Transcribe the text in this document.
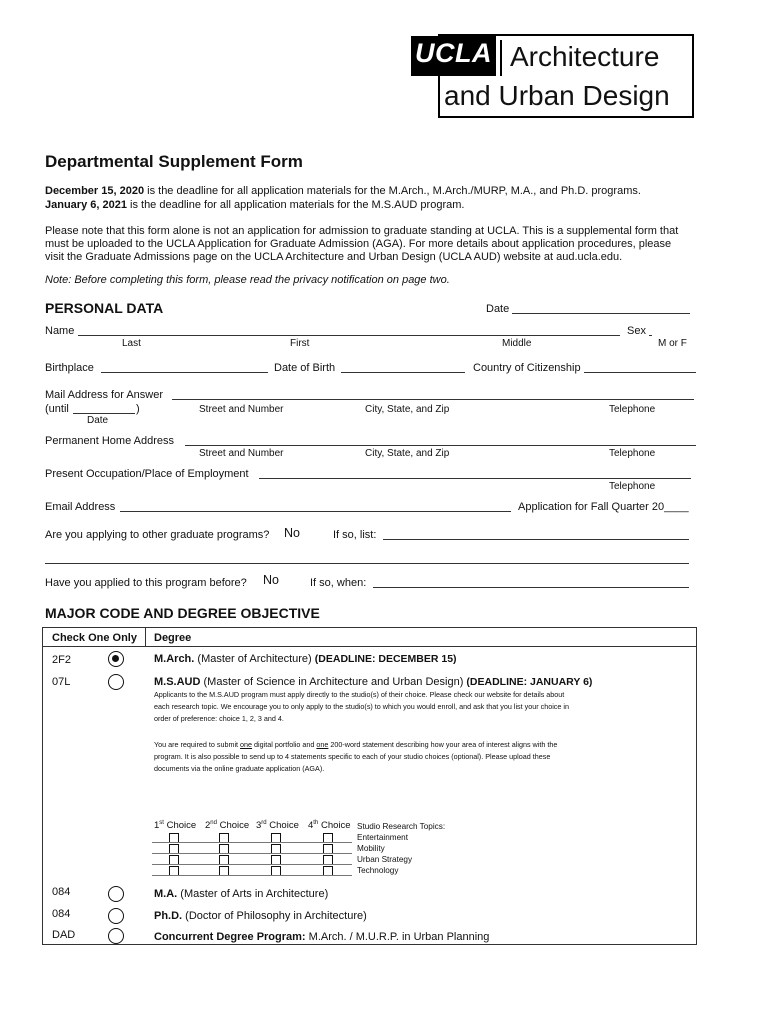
UCLA Architecture
and Urban Design
Departmental Supplement Form
December 15, 2020 is the deadline for all application materials for the M.Arch., M.Arch./MURP, M.A., and Ph.D. programs.
January 6, 2021 is the deadline for all application materials for the M.S.AUD program.
Please note that this form alone is not an application for admission to graduate standing at UCLA. This is a supplemental form that
must be uploaded to the UCLA Application for Graduate Admission (AGA). For more details about application procedures, please
visit the Graduate Admissions page on the UCLA Architecture and Urban Design (UCLA AUD) website at aud.ucla.edu.
Note: Before completing this form, please read the privacy notification on page two.
PERSONAL DATA	Date
Name	Sex
Last	First	Middle	M or F
Birthplace	Date of Birth	Country of Citizenship
Mail Address for Answer
(until	)
Date
Street and Number	City, State, and Zip	Telephone
Permanent Home Address
Street and Number	City, State, and Zip	Telephone
Present Occupation/Place of Employment
Telephone
Email Address	Application for Fall Quarter 20____
Are you applying to other graduate programs? No	If so, list:
Have you applied to this program before? No	If so, when:
MAJOR CODE AND DEGREE OBJECTIVE
Check One Only Degree
2F2	M.Arch. (Master of Architecture) (DEADLINE: DECEMBER 15)
07L	M.S.AUD (Master of Science in Architecture and Urban Design) (DEADLINE: JANUARY 6)
Applicants to the M.S.AUD program must apply directly to the studio(s) of their choice. Please check our website for details about
each research topic. We encourage you to only apply to the studio(s) to which you would enroll, and ask that you list your choice in
order of preference: choice 1, 2, 3 and 4.
You are required to submit one digital portfolio and one 200-word statement describing how your area of interest aligns with the
program. It is also possible to send up to 4 statements specific to each of your studio choices (optional). Please upload these
documents via the online graduate application (AGA).
1st Choice 2nd Choice 3rd Choice 4th Choice Studio Research Topics:
Entertainment
Mobility
Urban Strategy
Technology
084	M.A. (Master of Arts in Architecture)
084	Ph.D. (Doctor of Philosophy in Architecture)
DAD	Concurrent Degree Program: M.Arch. / M.U.R.P. in Urban Planning
